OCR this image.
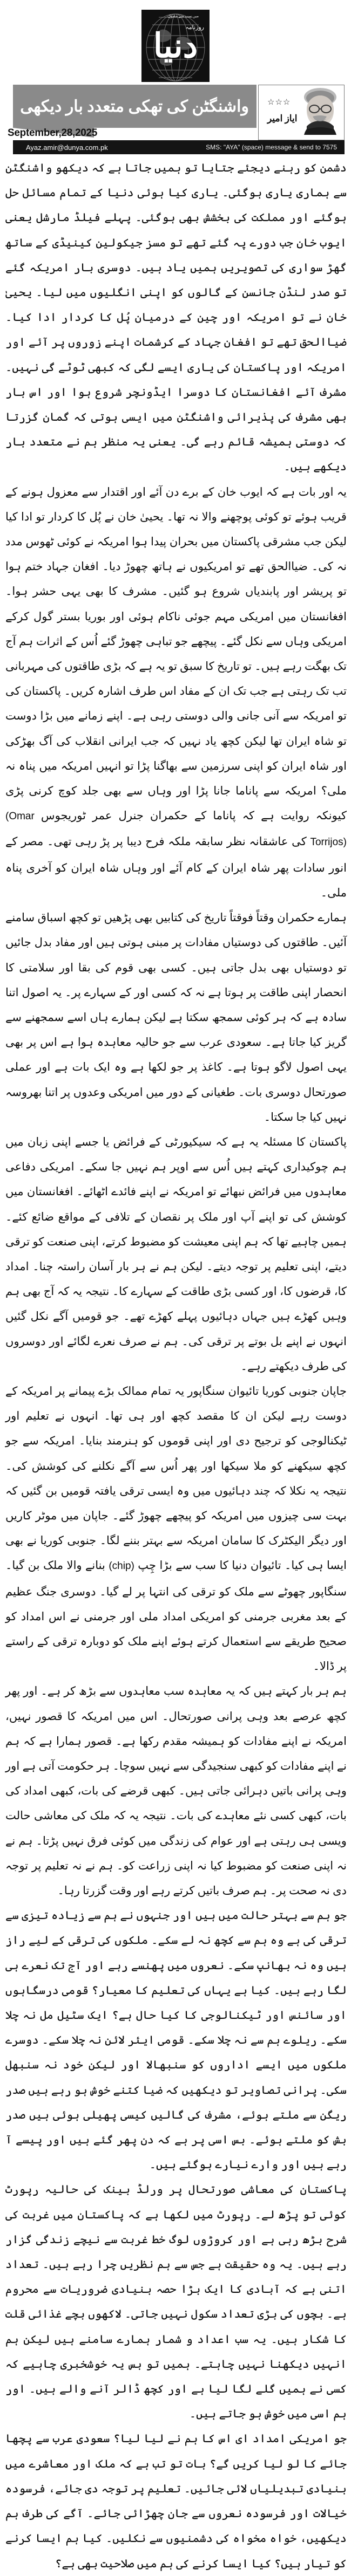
میں سب سے مقبول
روزنامہ
دنیا
واشنگٹن کی تھکی متعدد بار دیکھی
September,28,2025
☆☆☆
ایاز امیر
SMS: "AYA" (space) message & send to 7575
Ayaz.amir@dunya.com.pk

دشمن کو رہنے دیجئے جتایا تو ہمیں جاتا ہے کہ دیکھو واشنگٹن سے ہماری یاری ہوگئی۔ یاری کیا ہوئی دنیا کے تمام مسائل حل ہوگئے اور مملکت کی بخشش بھی ہوگئی۔ پہلے فیلڈ مارشل یعنی ایوب خان جب دورے پہ گئے تھے تو مسز جیکولین کینیڈی کے ساتھ گھڑ سواری کی تصویریں ہمیں یاد ہیں۔ دوسری بار امریکہ گئے تو صدر لنڈن جانسن کے گالوں کو اپنی انگلیوں میں لیا۔ یحییٰ خان نے تو امریکہ اور چین کے درمیان پُل کا کردار ادا کیا۔ ضیاالحق تھے تو افغان جہاد کے کرشمات اپنے زوروں پر آئے اور امریکہ اور پاکستان کی یاری ایسے لگی کہ کبھی ٹوٹے گی نہیں۔ مشرف آئے افغانستان کا دوسرا ایڈونچر شروع ہوا اور اس بار بھی مشرف کی پذیرائی واشنگٹن میں ایسی ہوتی کہ گمان گزرتا کہ دوستی ہمیشہ قائم رہے گی۔ یعنی یہ منظر ہم نے متعدد بار دیکھے ہیں۔

یہ اور بات ہے کہ ایوب خان کے برے دن آئے اور اقتدار سے معزول ہونے کے قریب ہوئے تو کوئی پوچھنے والا نہ تھا۔ یحییٰ خان نے پُل کا کردار تو ادا کیا لیکن جب مشرقی پاکستان میں بحران پیدا ہوا امریکہ نے کوئی ٹھوس مدد نہ کی۔ ضیاالحق تھے تو امریکیوں نے ہاتھ چھوڑ دیا۔ افغان جہاد ختم ہوا تو پریشر اور پابندیاں شروع ہو گئیں۔ مشرف کا بھی یہی حشر ہوا۔ افغانستان میں امریکی مہم جوئی ناکام ہوئی اور بوریا بستر گول کرکے امریکی وہاں سے نکل گئے۔ پیچھے جو تباہی چھوڑ گئے اُس کے اثرات ہم آج تک بھگت رہے ہیں۔ تو تاریخ کا سبق تو یہ ہے کہ بڑی طاقتوں کی مہربانی تب تک رہتی ہے جب تک ان کے مفاد اس طرف اشارہ کریں۔ پاکستان کی تو امریکہ سے آنی جانی والی دوستی رہی ہے۔ اپنے زمانے میں بڑا دوست تو شاہ ایران تھا لیکن کچھ یاد نہیں کہ جب ایرانی انقلاب کی آگ بھڑکی اور شاہ ایران کو اپنی سرزمین سے بھاگنا پڑا تو انہیں امریکہ میں پناہ نہ ملی؟ امریکہ سے پاناما جانا پڑا اور وہاں سے بھی جلد کوچ کرنی پڑی کیونکہ روایت ہے کہ پاناما کے حکمران جنرل عمر ٹوریجوس (Omar Torrijos) کی عاشقانہ نظر سابقہ ملکہ فرح دیبا پر پڑ رہی تھی۔ مصر کے انور سادات پھر شاہ ایران کے کام آئے اور وہاں شاہ ایران کو آخری پناہ ملی۔

ہمارے حکمران وقتاً فوقتاً تاریخ کی کتابیں بھی پڑھیں تو کچھ اسباق سامنے آئیں۔ طاقتوں کی دوستیاں مفادات پر مبنی ہوتی ہیں اور مفاد بدل جائیں تو دوستیاں بھی بدل جاتی ہیں۔ کسی بھی قوم کی بقا اور سلامتی کا انحصار اپنی طاقت پر ہوتا ہے نہ کہ کسی اور کے سہارے پر۔ یہ اصول اتنا سادہ ہے کہ ہر کوئی سمجھ سکتا ہے لیکن ہمارے ہاں اسے سمجھنے سے گریز کیا جاتا ہے۔ سعودی عرب سے جو حالیہ معاہدہ ہوا ہے اس پر بھی یہی اصول لاگو ہوتا ہے۔ کاغذ پر جو لکھا ہے وہ ایک بات ہے اور عملی صورتحال دوسری بات۔ طغیانی کے دور میں امریکی وعدوں پر اتنا بھروسہ نہیں کیا جا سکتا۔

پاکستان کا مسئلہ یہ ہے کہ سیکیورٹی کے فرائض یا جسے اپنی زبان میں ہم چوکیداری کہتے ہیں اُس سے اوپر ہم نہیں جا سکے۔ امریکی دفاعی معاہدوں میں فرائض نبھائے تو امریکہ نے اپنے فائدے اٹھائے۔ افغانستان میں کوشش کی تو اپنے آپ اور ملک پر نقصان کے تلافی کے مواقع ضائع کئے۔ ہمیں چاہیے تھا کہ ہم اپنی معیشت کو مضبوط کرتے، اپنی صنعت کو ترقی دیتے، اپنی تعلیم پر توجہ دیتے۔ لیکن ہم نے ہر بار آسان راستہ چنا۔ امداد کا، قرضوں کا، اور کسی بڑی طاقت کے سہارے کا۔ نتیجہ یہ کہ آج بھی ہم وہیں کھڑے ہیں جہاں دہائیوں پہلے کھڑے تھے۔ جو قومیں آگے نکل گئیں انہوں نے اپنے بل بوتے پر ترقی کی۔ ہم نے صرف نعرے لگائے اور دوسروں کی طرف دیکھتے رہے۔

جاپان جنوبی کوریا تائیوان سنگاپور یہ تمام ممالک بڑے پیمانے پر امریکہ کے دوست رہے لیکن ان کا مقصد کچھ اور ہی تھا۔ انہوں نے تعلیم اور ٹیکنالوجی کو ترجیح دی اور اپنی قوموں کو ہنرمند بنایا۔ امریکہ سے جو کچھ سیکھنے کو ملا سیکھا اور پھر اُس سے آگے نکلنے کی کوشش کی۔ نتیجہ یہ نکلا کہ چند دہائیوں میں وہ ایسی ترقی یافتہ قومیں بن گئیں کہ بہت سی چیزوں میں امریکہ کو پیچھے چھوڑ گئے۔ جاپان میں موٹر کاریں اور دیگر الیکٹرک کا سامان امریکہ سے بہتر بننے لگا۔ جنوبی کوریا نے بھی ایسا ہی کیا۔ تائیوان دنیا کا سب سے بڑا چِپ (chip) بنانے والا ملک بن گیا۔ سنگاپور چھوٹے سے ملک کو ترقی کی انتہا پر لے گیا۔ دوسری جنگ عظیم کے بعد مغربی جرمنی کو امریکی امداد ملی اور جرمنی نے اس امداد کو صحیح طریقے سے استعمال کرتے ہوئے اپنے ملک کو دوبارہ ترقی کے راستے پر ڈالا۔

ہم ہر بار کہتے ہیں کہ یہ معاہدہ سب معاہدوں سے بڑھ کر ہے۔ اور پھر کچھ عرصے بعد وہی پرانی صورتحال۔ اس میں امریکہ کا قصور نہیں، امریکہ نے اپنے مفادات کو ہمیشہ مقدم رکھا ہے۔ قصور ہمارا ہے کہ ہم نے اپنے مفادات کو کبھی سنجیدگی سے نہیں سوچا۔ ہر حکومت آتی ہے اور وہی پرانی باتیں دہرائی جاتی ہیں۔ کبھی قرضے کی بات، کبھی امداد کی بات، کبھی کسی نئے معاہدے کی بات۔ نتیجہ یہ کہ ملک کی معاشی حالت ویسی ہی رہتی ہے اور عوام کی زندگی میں کوئی فرق نہیں پڑتا۔ ہم نے نہ اپنی صنعت کو مضبوط کیا نہ اپنی زراعت کو۔ ہم نے نہ تعلیم پر توجہ دی نہ صحت پر۔ ہم صرف باتیں کرتے رہے اور وقت گزرتا رہا۔

جو ہم سے بہتر حالت میں ہیں اور جنہوں نے ہم سے زیادہ تیزی سے ترقی کی ہے وہ ہم سے کچھ نہ لے سکے۔ ملکوں کی ترقی کے لیے راز ہیں وہ نہ بھانپ سکے۔ نعروں میں پھنسے رہے اور آج تک نعرے ہی لگا رہے ہیں۔ کیا ہے یہاں کی تعلیم کا معیار؟ قومی درسگاہوں اور سائنس اور ٹیکنالوجی کا کیا حال ہے؟ ایک سٹیل مل نہ چلا سکے۔ ریلوے ہم سے نہ چلا سکے۔ قومی ایئر لائن نہ چلا سکے۔ دوسرے ملکوں میں ایسے اداروں کو سنبھالا اور لیکن خود نہ سنبھل سکی۔ پرانی تصاویر تو دیکھیں کہ ضیا کتنے خوش ہو رہے ہیں صدر ریگن سے ملتے ہوئے، مشرف کی گالیں کیسی پھیلی ہوئی ہیں صدر بش کو ملتے ہوئے۔ بس اسی پر ہے کہ دن پھر گئے ہیں اور پیسے آ رہے ہیں اور وارے نیارے ہوگئے ہیں۔

پاکستان کی معاشی صورتحال پر ورلڈ بینک کی حالیہ رپورٹ کوئی تو پڑھ لے۔ رپورٹ میں لکھا ہے کہ پاکستان میں غربت کی شرح بڑھ رہی ہے اور کروڑوں لوگ خط غربت سے نیچے زندگی گزار رہے ہیں۔ یہ وہ حقیقت ہے جس سے ہم نظریں چرا رہے ہیں۔ تعداد اتنی ہے کہ آبادی کا ایک بڑا حصہ بنیادی ضروریات سے محروم ہے۔ بچوں کی بڑی تعداد سکول نہیں جاتی۔ لاکھوں بچے غذائی قلت کا شکار ہیں۔ یہ سب اعداد و شمار ہمارے سامنے ہیں لیکن ہم انہیں دیکھنا نہیں چاہتے۔ ہمیں تو بس یہ خوشخبری چاہیے کہ کسی نے ہمیں گلے لگا لیا ہے اور کچھ ڈالر آنے والے ہیں۔ اور ہم اسی میں خوش ہو جاتے ہیں۔

جو امریکی امداد ای اس کا ہم نے لیا لیا؟ سعودی عرب سے پچھا جائے کا لو لیا کریں گے؟ بات تو تب ہے کہ ملک اور معاشرے میں بنیادی تبدیلیاں لائی جائیں۔ تعلیم پر توجہ دی جائے، فرسودہ خیالات اور فرسودہ نعروں سے جان چھڑائی جائے۔ آگے کی طرف ہم دیکھیں، خواہ مخواہ کی دشمنیوں سے نکلیں۔ کیا ہم ایسا کرنے کو تیار ہیں؟ کیا ایسا کرنے کی ہم میں صلاحیت بھی ہے؟
